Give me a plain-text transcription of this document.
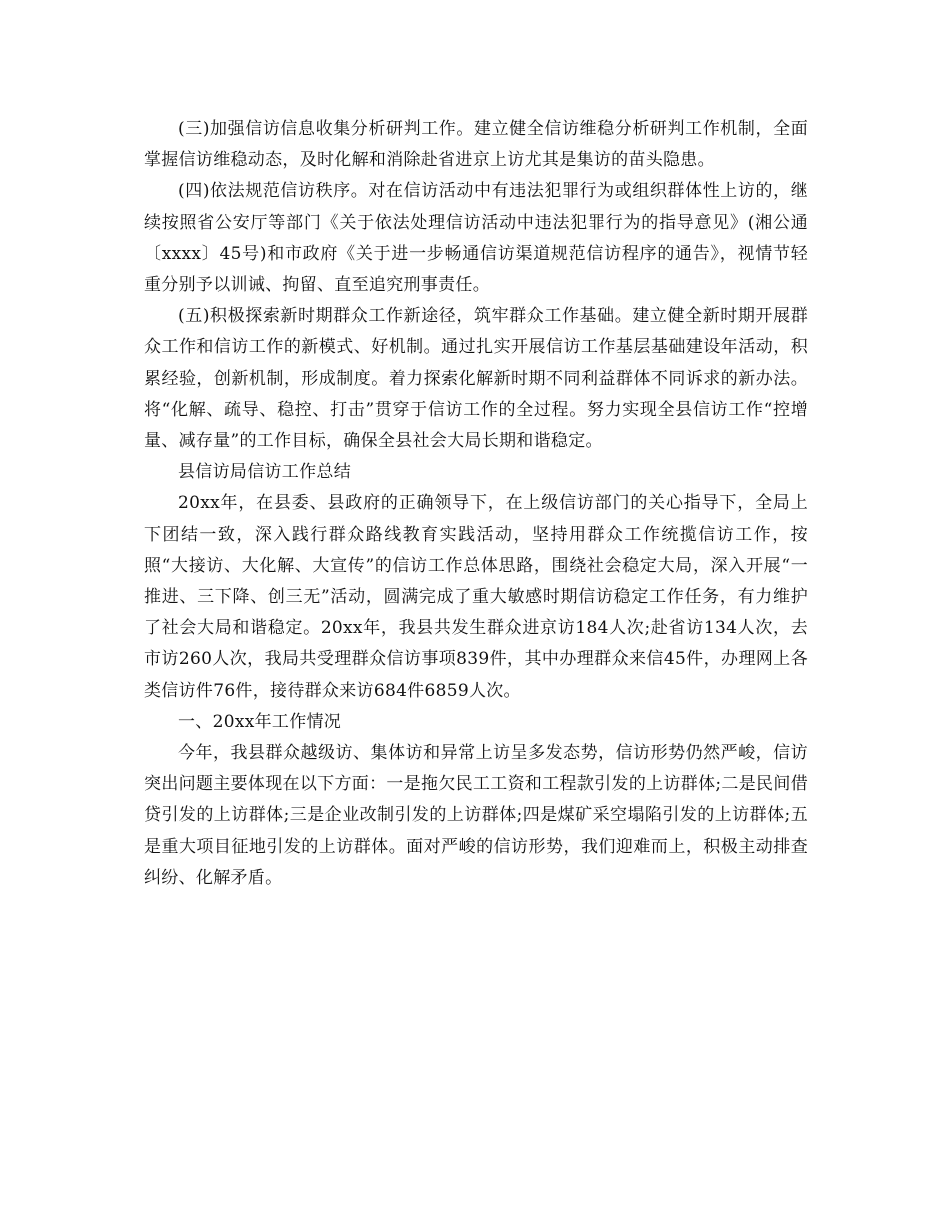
(三)加强信访信息收集分析研判工作。建立健全信访维稳分析研判工作机制，全面掌握信访维稳动态，及时化解和消除赴省进京上访尤其是集访的苗头隐患。

(四)依法规范信访秩序。对在信访活动中有违法犯罪行为或组织群体性上访的，继续按照省公安厅等部门《关于依法处理信访活动中违法犯罪行为的指导意见》(湘公通〔xxxx〕45号)和市政府《关于进一步畅通信访渠道规范信访程序的通告》，视情节轻重分别予以训诫、拘留、直至追究刑事责任。

(五)积极探索新时期群众工作新途径，筑牢群众工作基础。建立健全新时期开展群众工作和信访工作的新模式、好机制。通过扎实开展信访工作基层基础建设年活动，积累经验，创新机制，形成制度。着力探索化解新时期不同利益群体不同诉求的新办法。将“化解、疏导、稳控、打击”贯穿于信访工作的全过程。努力实现全县信访工作“控增量、减存量”的工作目标，确保全县社会大局长期和谐稳定。

县信访局信访工作总结

20xx年，在县委、县政府的正确领导下，在上级信访部门的关心指导下，全局上下团结一致，深入践行群众路线教育实践活动，坚持用群众工作统揽信访工作，按照“大接访、大化解、大宣传”的信访工作总体思路，围绕社会稳定大局，深入开展“一推进、三下降、创三无”活动，圆满完成了重大敏感时期信访稳定工作任务，有力维护了社会大局和谐稳定。20xx年，我县共发生群众进京访184人次;赴省访134人次，去市访260人次，我局共受理群众信访事项839件，其中办理群众来信45件，办理网上各类信访件76件，接待群众来访684件6859人次。

一、20xx年工作情况

今年，我县群众越级访、集体访和异常上访呈多发态势，信访形势仍然严峻，信访突出问题主要体现在以下方面：一是拖欠民工工资和工程款引发的上访群体;二是民间借贷引发的上访群体;三是企业改制引发的上访群体;四是煤矿采空塌陷引发的上访群体;五是重大项目征地引发的上访群体。面对严峻的信访形势，我们迎难而上，积极主动排查纠纷、化解矛盾。
